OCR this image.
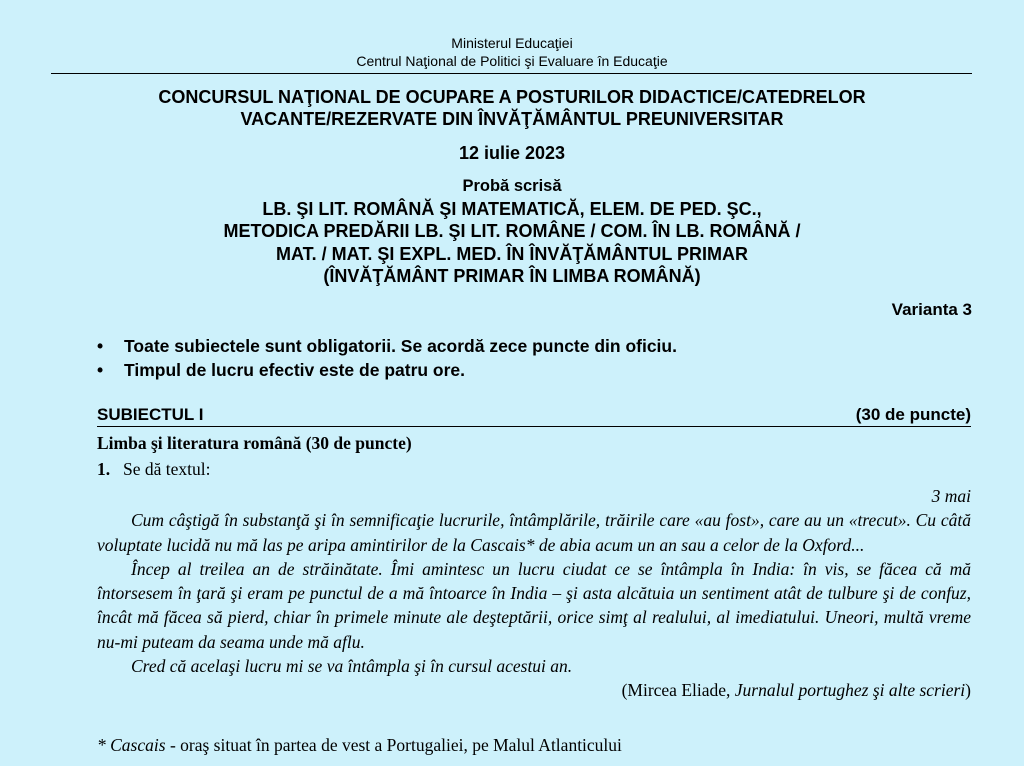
Ministerul Educaţiei
Centrul Naţional de Politici şi Evaluare în Educaţie
CONCURSUL NAŢIONAL DE OCUPARE A POSTURILOR DIDACTICE/CATEDRELOR
VACANTE/REZERVATE DIN ÎNVĂŢĂMÂNTUL PREUNIVERSITAR
12 iulie 2023
Probă scrisă
LB. ŞI LIT. ROMÂNĂ ŞI MATEMATICĂ, ELEM. DE PED. ŞC.,
METODICA PREDĂRII LB. ŞI LIT. ROMÂNE / COM. ÎN LB. ROMÂNĂ /
MAT. / MAT. ŞI EXPL. MED. ÎN ÎNVĂŢĂMÂNTUL PRIMAR
(ÎNVĂŢĂMÂNT PRIMAR ÎN LIMBA ROMÂNĂ)
Varianta 3
• Toate subiectele sunt obligatorii. Se acordă zece puncte din oficiu.
• Timpul de lucru efectiv este de patru ore.
SUBIECTUL I	(30 de puncte)
Limba şi literatura română (30 de puncte)
1. Se dă textul:

3 mai

Cum câştigă în substanţă şi în semnificaţie lucrurile, întâmplările, trăirile care «au fost», care au un «trecut». Cu câtă voluptate lucidă nu mă las pe aripa amintirilor de la Cascais* de abia acum un an sau a celor de la Oxford...

Încep al treilea an de străinătate. Îmi amintesc un lucru ciudat ce se întâmpla în India: în vis, se făcea că mă întorsesem în ţară şi eram pe punctul de a mă întoarce în India – şi asta alcătuia un sentiment atât de tulbure şi de confuz, încât mă făcea să pierd, chiar în primele minute ale deşteptării, orice simţ al realului, al imediatului. Uneori, multă vreme nu-mi puteam da seama unde mă aflu.

Cred că acelaşi lucru mi se va întâmpla şi în cursul acestui an.

(Mircea Eliade, Jurnalul portughez şi alte scrieri)

* Cascais - oraş situat în partea de vest a Portugaliei, pe Malul Atlanticului
